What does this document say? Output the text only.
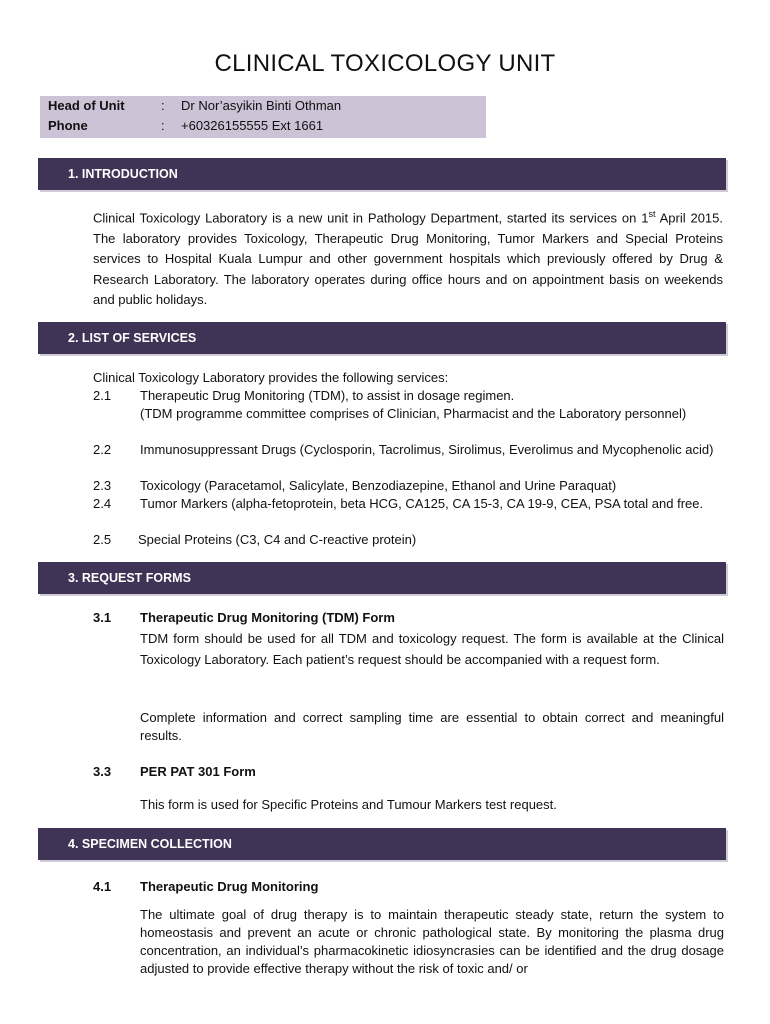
CLINICAL TOXICOLOGY UNIT
Head of Unit	: Dr Nor’asyikin Binti Othman
Phone	: +60326155555 Ext 1661
1. INTRODUCTION
Clinical Toxicology Laboratory is a new unit in Pathology Department, started its services on 1st April 2015. The laboratory provides Toxicology, Therapeutic Drug Monitoring, Tumor Markers and Special Proteins services to Hospital Kuala Lumpur and other government hospitals which previously offered by Drug & Research Laboratory. The laboratory operates during office hours and on appointment basis on weekends and public holidays.
2. LIST OF SERVICES
Clinical Toxicology Laboratory provides the following services:
2.1 Therapeutic Drug Monitoring (TDM), to assist in dosage regimen.
(TDM programme committee comprises of Clinician, Pharmacist and the Laboratory personnel)
2.2 Immunosuppressant Drugs (Cyclosporin, Tacrolimus, Sirolimus, Everolimus and Mycophenolic acid)
2.3 Toxicology (Paracetamol, Salicylate, Benzodiazepine, Ethanol and Urine Paraquat)
2.4 Tumor Markers (alpha-fetoprotein, beta HCG, CA125, CA 15-3, CA 19-9, CEA, PSA total and free.
2.5 Special Proteins (C3, C4 and C-reactive protein)
3. REQUEST FORMS
3.1 Therapeutic Drug Monitoring (TDM) Form
TDM form should be used for all TDM and toxicology request. The form is available at the Clinical Toxicology Laboratory. Each patient’s request should be accompanied with a request form.
Complete information and correct sampling time are essential to obtain correct and meaningful results.
3.3 PER PAT 301 Form
This form is used for Specific Proteins and Tumour Markers test request.
4. SPECIMEN COLLECTION
4.1 Therapeutic Drug Monitoring
The ultimate goal of drug therapy is to maintain therapeutic steady state, return the system to homeostasis and prevent an acute or chronic pathological state. By monitoring the plasma drug concentration, an individual’s pharmacokinetic idiosyncrasies can be identified and the drug dosage adjusted to provide effective therapy without the risk of toxic and/ or
